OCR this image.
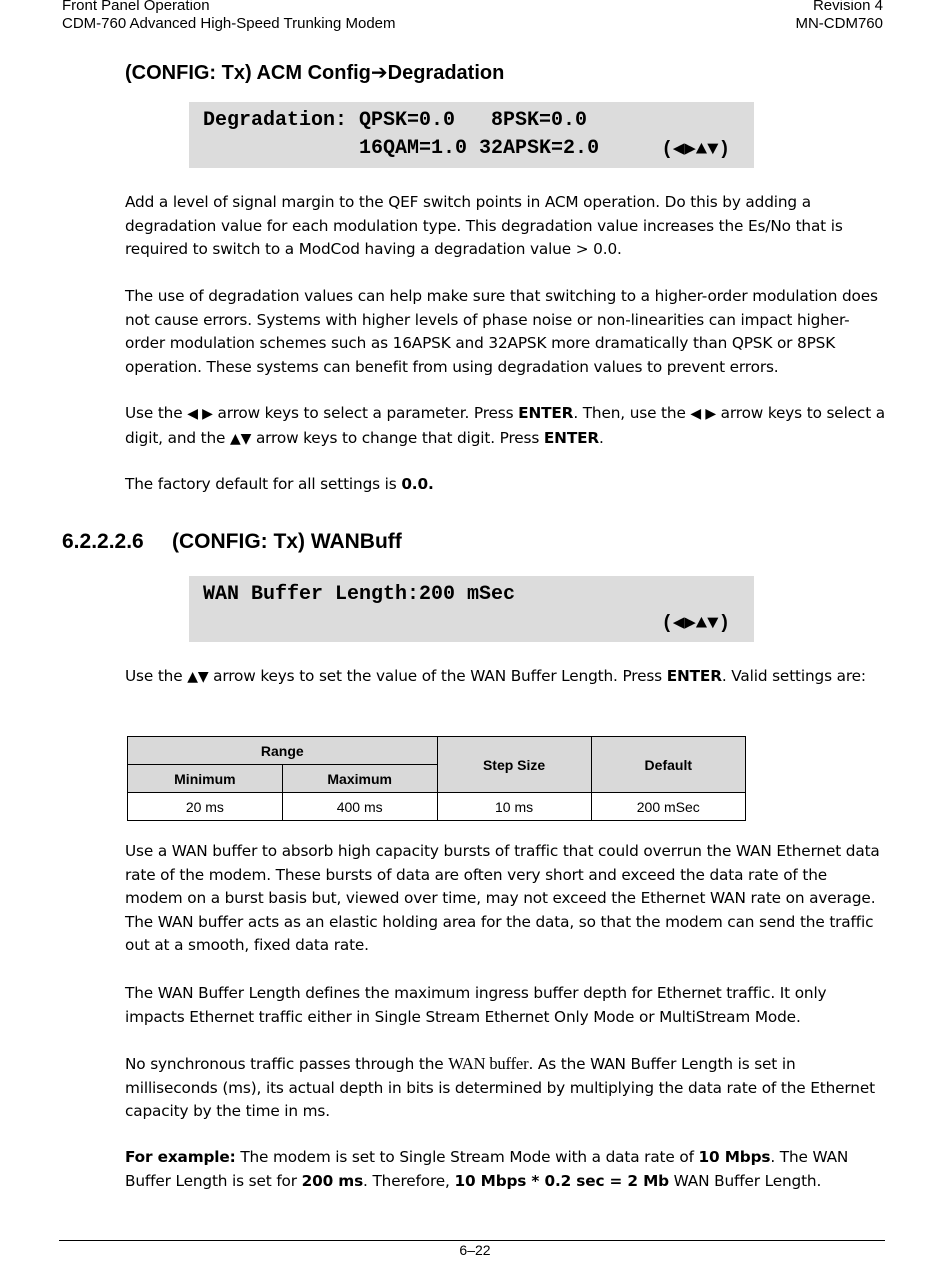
Front Panel Operation
CDM-760 Advanced High-Speed Trunking Modem
Revision 4
MN-CDM760
(CONFIG: Tx) ACM Config➔Degradation
Degradation: QPSK=0.0   8PSK=0.0
16QAM=1.0 32APSK=2.0	(◀▶▲▼)
Add a level of signal margin to the QEF switch points in ACM operation. Do this by adding a degradation value for each modulation type. This degradation value increases the Es/No that is required to switch to a ModCod having a degradation value > 0.0.
The use of degradation values can help make sure that switching to a higher-order modulation does not cause errors. Systems with higher levels of phase noise or non-linearities can impact higher-order modulation schemes such as 16APSK and 32APSK more dramatically than QPSK or 8PSK operation. These systems can benefit from using degradation values to prevent errors.
Use the ◀ ▶ arrow keys to select a parameter. Press ENTER. Then, use the ◀ ▶ arrow keys to select a digit, and the ▲▼ arrow keys to change that digit. Press ENTER.
The factory default for all settings is 0.0.
6.2.2.2.6 (CONFIG: Tx) WANBuff
WAN Buffer Length:200 mSec
(◀▶▲▼)
Use the ▲▼ arrow keys to set the value of the WAN Buffer Length. Press ENTER. Valid settings are:
Range		Step Size	Default
Minimum	Maximum		
20 ms	400 ms	10 ms	200 mSec
Use a WAN buffer to absorb high capacity bursts of traffic that could overrun the WAN Ethernet data rate of the modem. These bursts of data are often very short and exceed the data rate of the modem on a burst basis but, viewed over time, may not exceed the Ethernet WAN rate on average. The WAN buffer acts as an elastic holding area for the data, so that the modem can send the traffic out at a smooth, fixed data rate.
The WAN Buffer Length defines the maximum ingress buffer depth for Ethernet traffic. It only impacts Ethernet traffic either in Single Stream Ethernet Only Mode or MultiStream Mode.
No synchronous traffic passes through the WAN buffer. As the WAN Buffer Length is set in milliseconds (ms), its actual depth in bits is determined by multiplying the data rate of the Ethernet capacity by the time in ms.
For example: The modem is set to Single Stream Mode with a data rate of 10 Mbps. The WAN Buffer Length is set for 200 ms. Therefore, 10 Mbps * 0.2 sec = 2 Mb WAN Buffer Length.
6–22
